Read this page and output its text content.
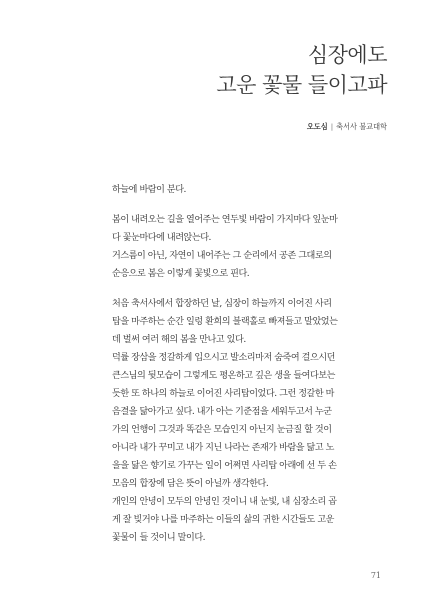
심장에도
고운 꽃물 들이고파
오도심 | 축서사 불교대학

하늘에 바람이 분다.

봄이 내려오는 길을 열어주는 연두빛 바람이 가지마다 잎눈마

다 꽃눈마다에 내려앉는다.

거스름이 아닌, 자연이 내어주는 그 순리에서 공존 그대로의

순응으로 봄은 이렇게 꽃빛으로 핀다.

처음 축서사에서 합장하던 날, 심장이 하늘까지 이어진 사리

탑을 마주하는 순간 일렁 환희의 블랙홀로 빠져들고 말았었는

데 벌써 여러 해의 봄을 만나고 있다.

덕률 장삼을 정갈하게 입으시고 발소리마저 숨죽여 걸으시던

큰스님의 뒷모습이 그렇게도 평온하고 깊은 생을 들여다보는

듯한 또 하나의 하늘로 이어진 사리탑이었다. 그런 정갈한 마

음결을 닮아가고 싶다. 내가 아는 기준점을 세워두고서 누군

가의 언행이 그것과 똑같은 모습인지 아닌지 눈금질 할 것이

아니라 내가 꾸미고 내가 지닌 나라는 존재가 바람을 닮고 노

을을 닮은 향기로 가꾸는 일이 어쩌면 사리탑 아래에 선 두 손

모음의 합장에 담은 뜻이 아닐까 생각한다.

개인의 안녕이 모두의 안녕인 것이니 내 눈빛, 내 심장소리 곱

게 잘 빚거야 나를 마주하는 이들의 삶의 귀한 시간들도 고운

꽃물이 들 것이니 말이다.

71
